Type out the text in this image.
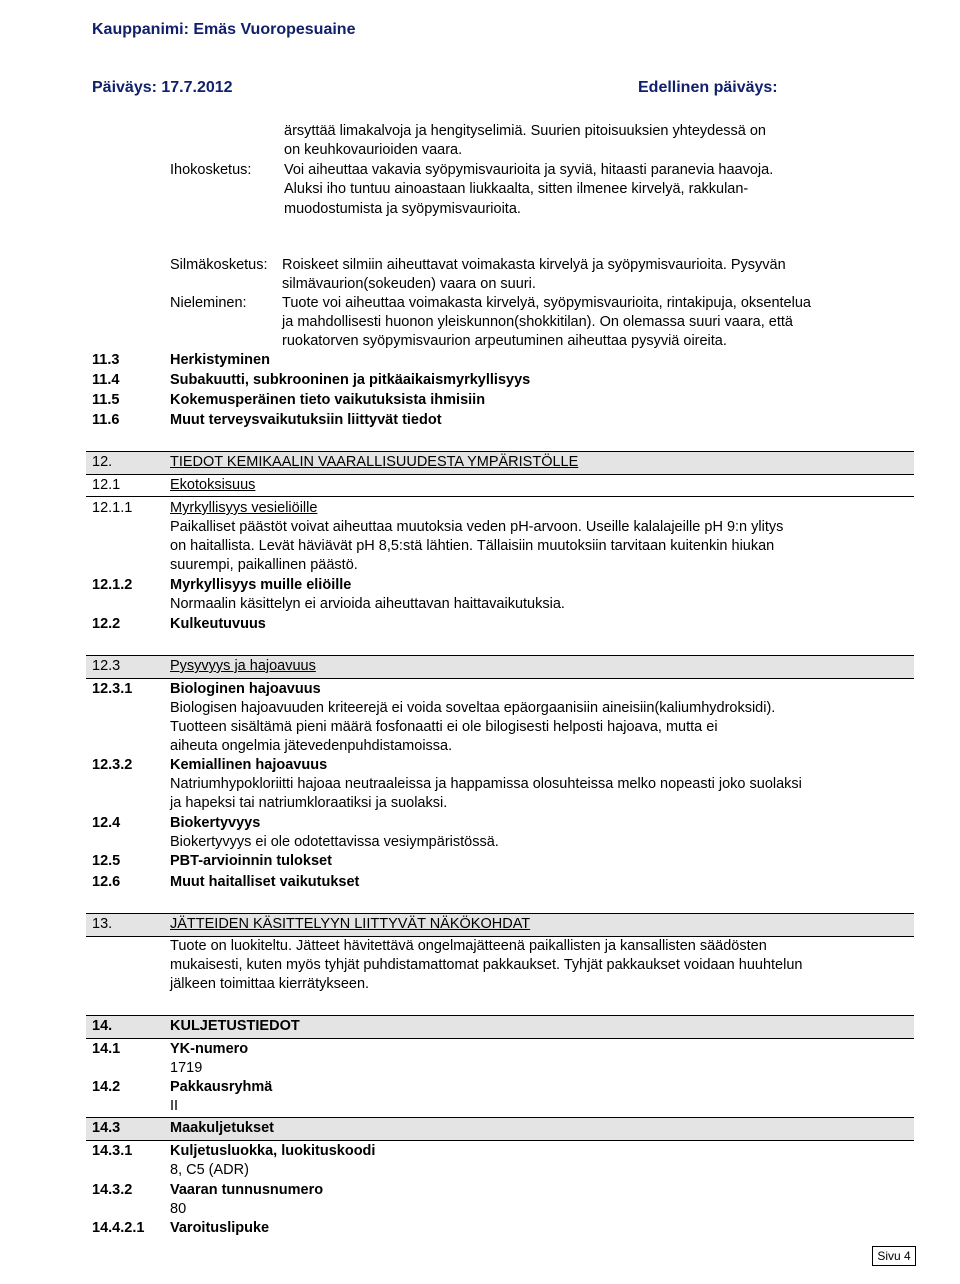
Kauppanimi: Emäs Vuoropesuaine
Päiväys: 17.7.2012	Edellinen päiväys:
ärsyttää limakalvoja ja hengityselimiä. Suurien pitoisuuksien yhteydessä on
on keuhkovaurioiden vaara.
Ihokosketus: Voi aiheuttaa vakavia syöpymisvaurioita ja syviä, hitaasti paranevia haavoja.
Aluksi iho tuntuu ainoastaan liukkaalta, sitten ilmenee kirvelyä, rakkulan-
muodostumista ja syöpymisvaurioita.
Silmäkosketus: Roiskeet silmiin aiheuttavat voimakasta kirvelyä ja syöpymisvaurioita. Pysyvän
silmävaurion(sokeuden) vaara on suuri.
Nieleminen: Tuote voi aiheuttaa voimakasta kirvelyä, syöpymisvaurioita, rintakipuja, oksentelua
ja mahdollisesti huonon yleiskunnon(shokkitilan). On olemassa suuri vaara, että
ruokatorven syöpymisvaurion arpeutuminen aiheuttaa pysyviä oireita.
11.3	Herkistyminen
11.4	Subakuutti, subkrooninen ja pitkäaikaismyrkyllisyys
11.5	Kokemusperäinen tieto vaikutuksista ihmisiin
11.6	Muut terveysvaikutuksiin liittyvät tiedot
12.	TIEDOT KEMIKAALIN VAARALLISUUDESTA YMPÄRISTÖLLE
12.1	Ekotoksisuus
12.1.1	Myrkyllisyys vesieliöille
Paikalliset päästöt voivat aiheuttaa muutoksia veden pH-arvoon. Useille kalalajeille pH 9:n ylitys
on haitallista. Levät häviävät pH 8,5:stä lähtien. Tällaisiin muutoksiin tarvitaan kuitenkin hiukan
suurempi, paikallinen päästö.
12.1.2	Myrkyllisyys muille eliöille
Normaalin käsittelyn ei arvioida aiheuttavan haittavaikutuksia.
12.2	Kulkeutuvuus
12.3	Pysyvyys ja hajoavuus
12.3.1	Biologinen hajoavuus
Biologisen hajoavuuden kriteerejä ei voida soveltaa epäorgaanisiin aineisiin(kaliumhydroksidi).
Tuotteen sisältämä pieni määrä fosfonaatti ei ole bilogisesti helposti hajoava, mutta ei
aiheuta ongelmia jätevedenpuhdistamoissa.
12.3.2	Kemiallinen hajoavuus
Natriumhypokloriitti hajoaa neutraaleissa ja happamissa olosuhteissa melko nopeasti joko suolaksi
ja hapeksi tai natriumkloraatiksi ja suolaksi.
12.4	Biokertyvyys
Biokertyvyys ei ole odotettavissa vesiympäristössä.
12.5	PBT-arvioinnin tulokset
12.6	Muut haitalliset vaikutukset
13.	JÄTTEIDEN KÄSITTELYYN LIITTYVÄT NÄKÖKOHDAT
Tuote on luokiteltu. Jätteet hävitettävä ongelmajätteenä paikallisten ja kansallisten säädösten
mukaisesti, kuten myös tyhjät puhdistamattomat pakkaukset. Tyhjät pakkaukset voidaan huuhtelun
jälkeen toimittaa kierrätykseen.
14.	KULJETUSTIEDOT
14.1	YK-numero
1719
14.2	Pakkausryhmä
II
14.3	Maakuljetukset
14.3.1	Kuljetusluokka, luokituskoodi
8, C5 (ADR)
14.3.2	Vaaran tunnusnumero
80
14.4.2.1 Varoituslipuke
Sivu 4
